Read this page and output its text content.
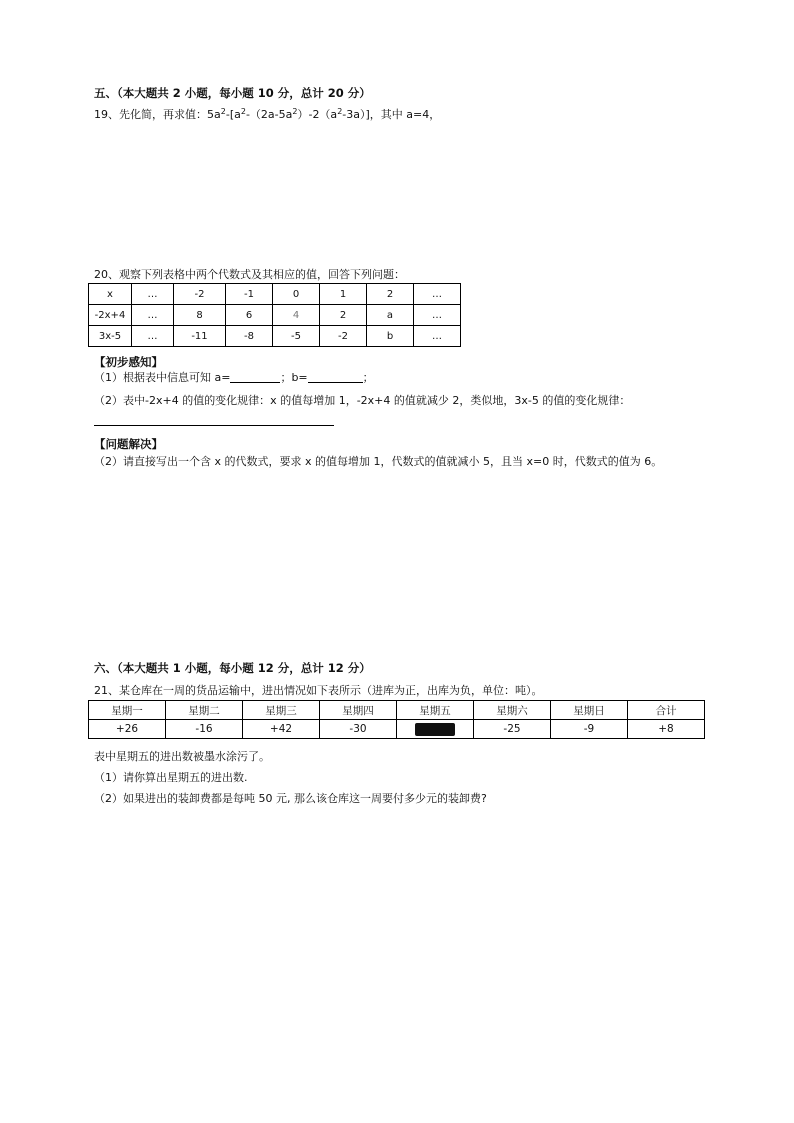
五、（本大题共 2 小题，每小题 10 分，总计 20 分）
19、先化简，再求值：$5a^2-[a^2-(2a-5a^2)-2(a^2-3a)]$，其中 a=4，
20、观察下列表格中两个代数式及其相应的值，回答下列问题：
x	…	-2	-1	0	1	2	…
-2x+4	…	8	6	4	2	a	…
3x-5	…	-11	-8	-5	-2	b	…
【初步感知】
（1）根据表中信息可知 a=	；b=	；
（2）表中-2x+4 的值的变化规律：x 的值每增加 1，-2x+4 的值就减少 2，类似地，3x-5 的值的变化规律：
【问题解决】
（2）请直接写出一个含 x 的代数式，要求 x 的值每增加 1，代数式的值就减小 5，且当 x=0 时，代数式的值为 6。
六、（本大题共 1 小题，每小题 12 分，总计 12 分）
21、某仓库在一周的货品运输中，进出情况如下表所示（进库为正，出库为负，单位：吨）。
星期一	星期二	星期三	星期四	星期五	星期六	星期日	合计
+26	-16	+42	-30		-25	-9	+8
表中星期五的进出数被墨水涂污了。
（1）请你算出星期五的进出数.
（2）如果进出的装卸费都是每吨 50 元, 那么该仓库这一周要付多少元的装卸费?
